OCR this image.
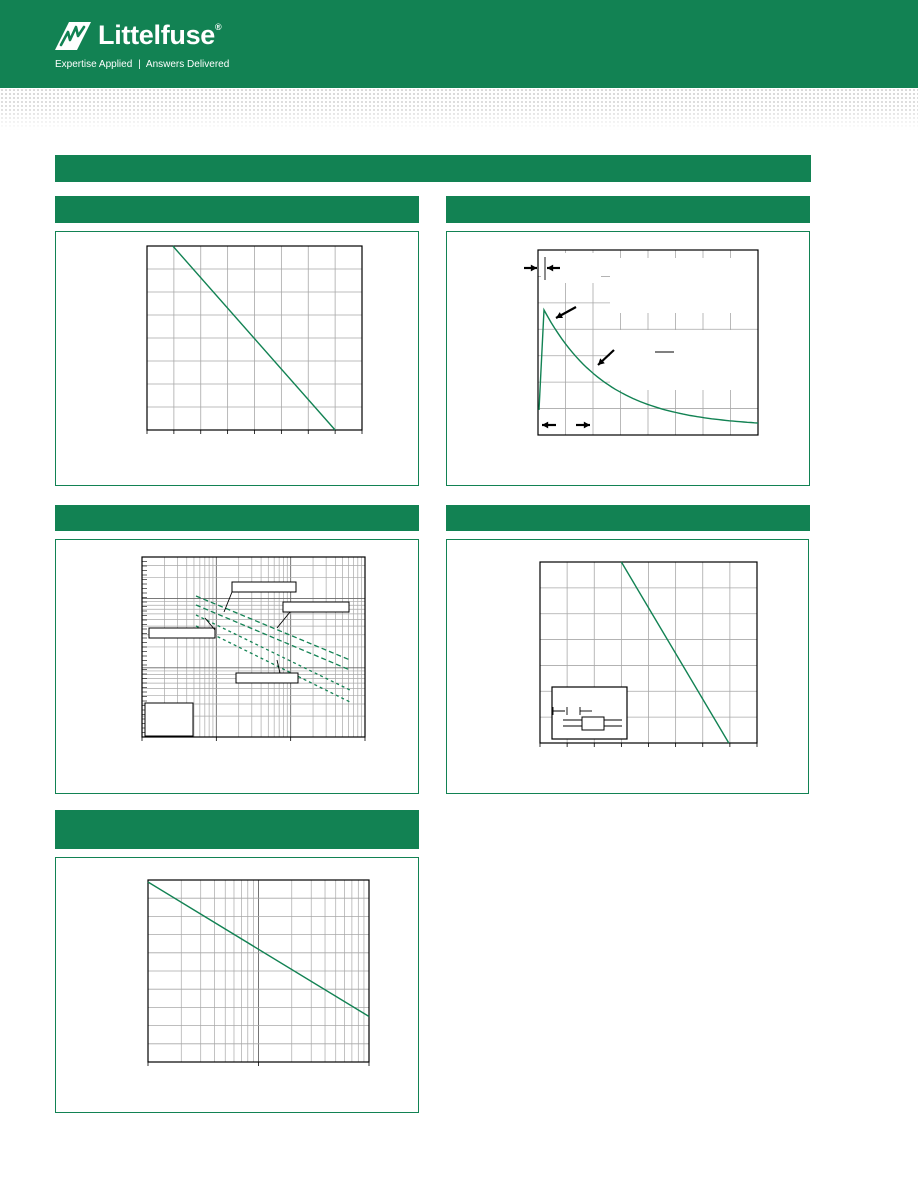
Littelfuse®
Expertise Applied | Answers Delivered
